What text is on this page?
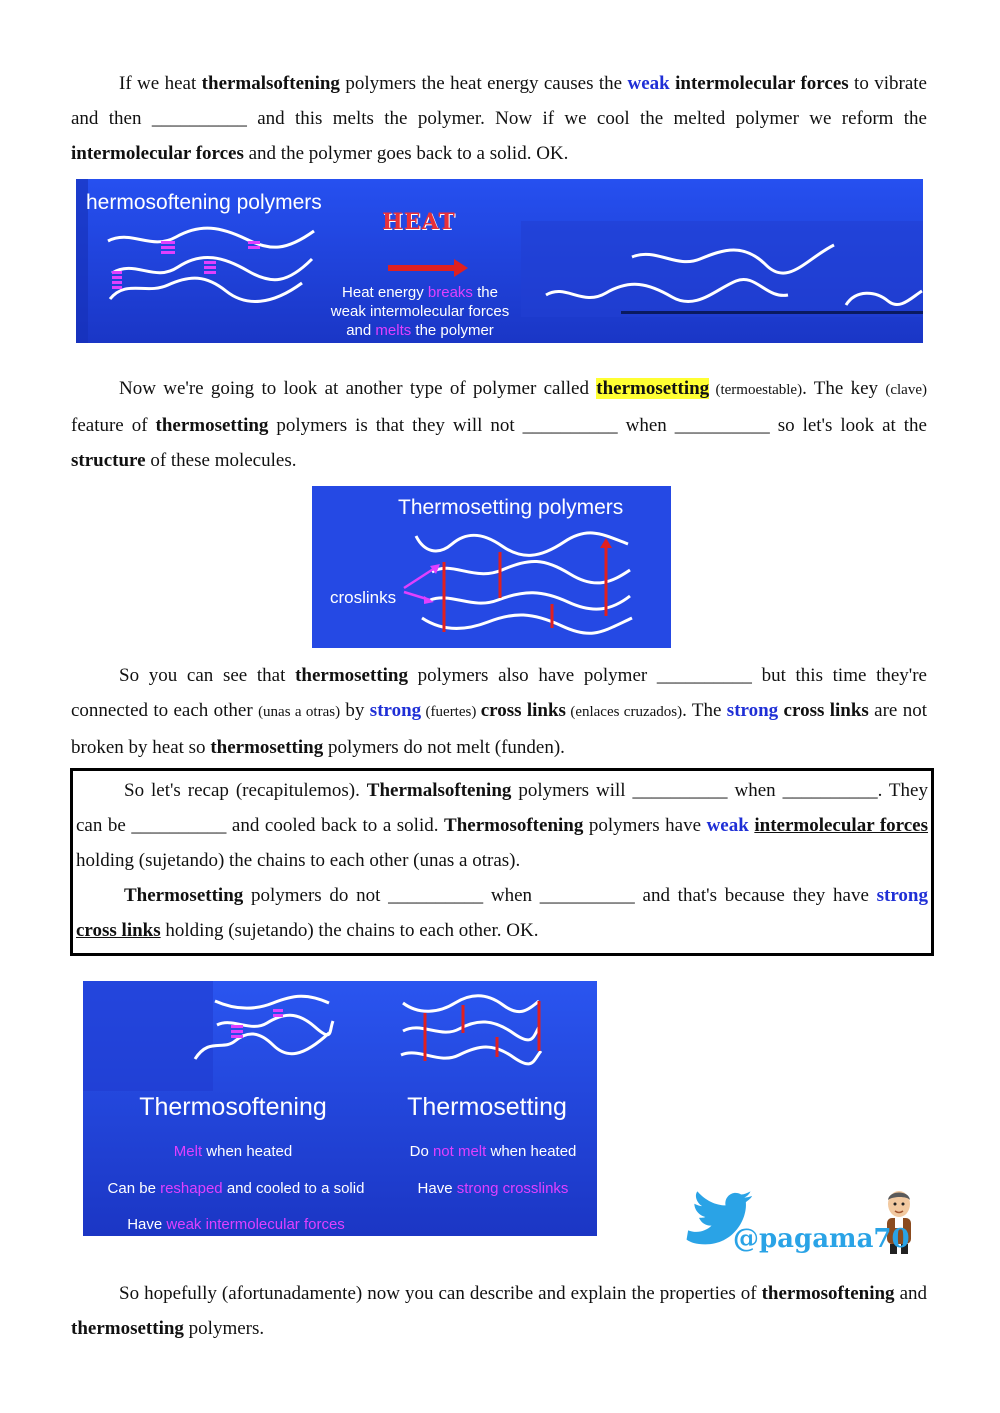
If we heat thermalsoftening polymers the heat energy causes the weak intermolecular forces to vibrate and then __________ and this melts the polymer. Now if we cool the melted polymer we reform the intermolecular forces and the polymer goes back to a solid. OK.
hermosoftening polymers
HEAT
Heat energy breaks the
weak intermolecular forces
and melts the polymer
Now we're going to look at another type of polymer called thermosetting (termoestable). The key (clave) feature of thermosetting polymers is that they will not __________ when __________ so let's look at the structure of these molecules.
Thermosetting polymers
croslinks
So you can see that thermosetting polymers also have polymer __________ but this time they're connected to each other (unas a otras) by strong (fuertes) cross links (enlaces cruzados). The strong cross links are not broken by heat so thermosetting polymers do not melt (funden).
So let's recap (recapitulemos). Thermalsoftening polymers will __________ when __________. They can be __________ and cooled back to a solid. Thermosoftening polymers have weak intermolecular forces holding (sujetando) the chains to each other (unas a otras).
Thermosetting polymers do not __________ when __________ and that's because they have strong cross links holding (sujetando) the chains to each other. OK.
Thermosoftening	Thermosetting
Melt when heated
Can be reshaped and cooled to a solid
Have weak intermolecular forces
Do not melt when heated
Have strong crosslinks
@pagama70
So hopefully (afortunadamente) now you can describe and explain the properties of thermosoftening and thermosetting polymers.
